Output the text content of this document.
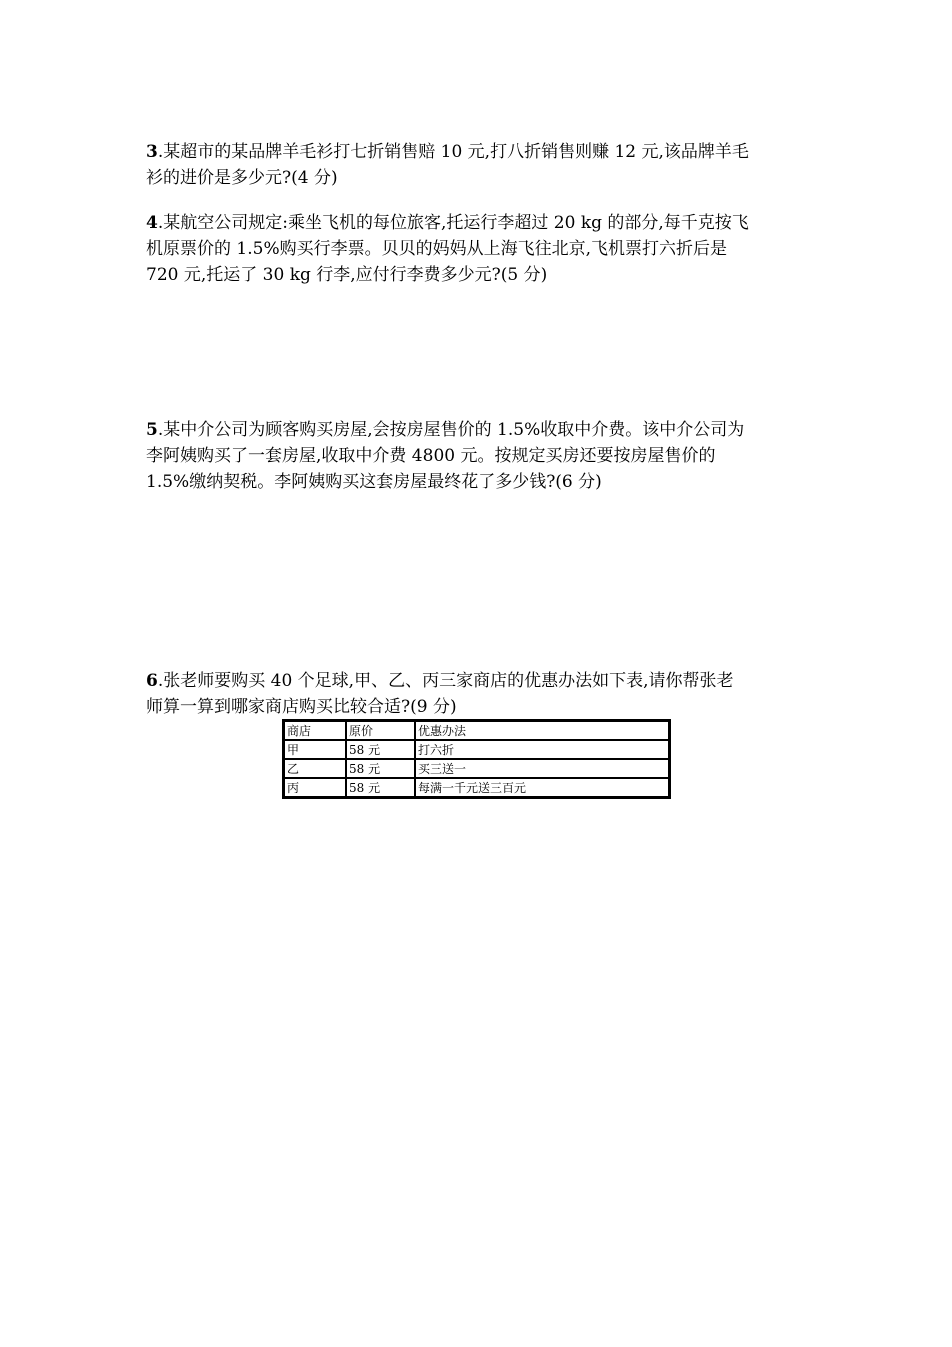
3.某超市的某品牌羊毛衫打七折销售赔 10 元,打八折销售则赚 12 元,该品牌羊毛
衫的进价是多少元?(4 分)
4.某航空公司规定:乘坐飞机的每位旅客,托运行李超过 20 kg 的部分,每千克按飞
机原票价的 1.5%购买行李票。贝贝的妈妈从上海飞往北京,飞机票打六折后是
720 元,托运了 30 kg 行李,应付行李费多少元?(5 分)
5.某中介公司为顾客购买房屋,会按房屋售价的 1.5%收取中介费。该中介公司为
李阿姨购买了一套房屋,收取中介费 4800 元。按规定买房还要按房屋售价的
1.5%缴纳契税。李阿姨购买这套房屋最终花了多少钱?(6 分)
6.张老师要购买 40 个足球,甲、乙、丙三家商店的优惠办法如下表,请你帮张老
师算一算到哪家商店购买比较合适?(9 分)
商店	原价	优惠办法
甲	58 元	打六折
乙	58 元	买三送一
丙	58 元	每满一千元送三百元
